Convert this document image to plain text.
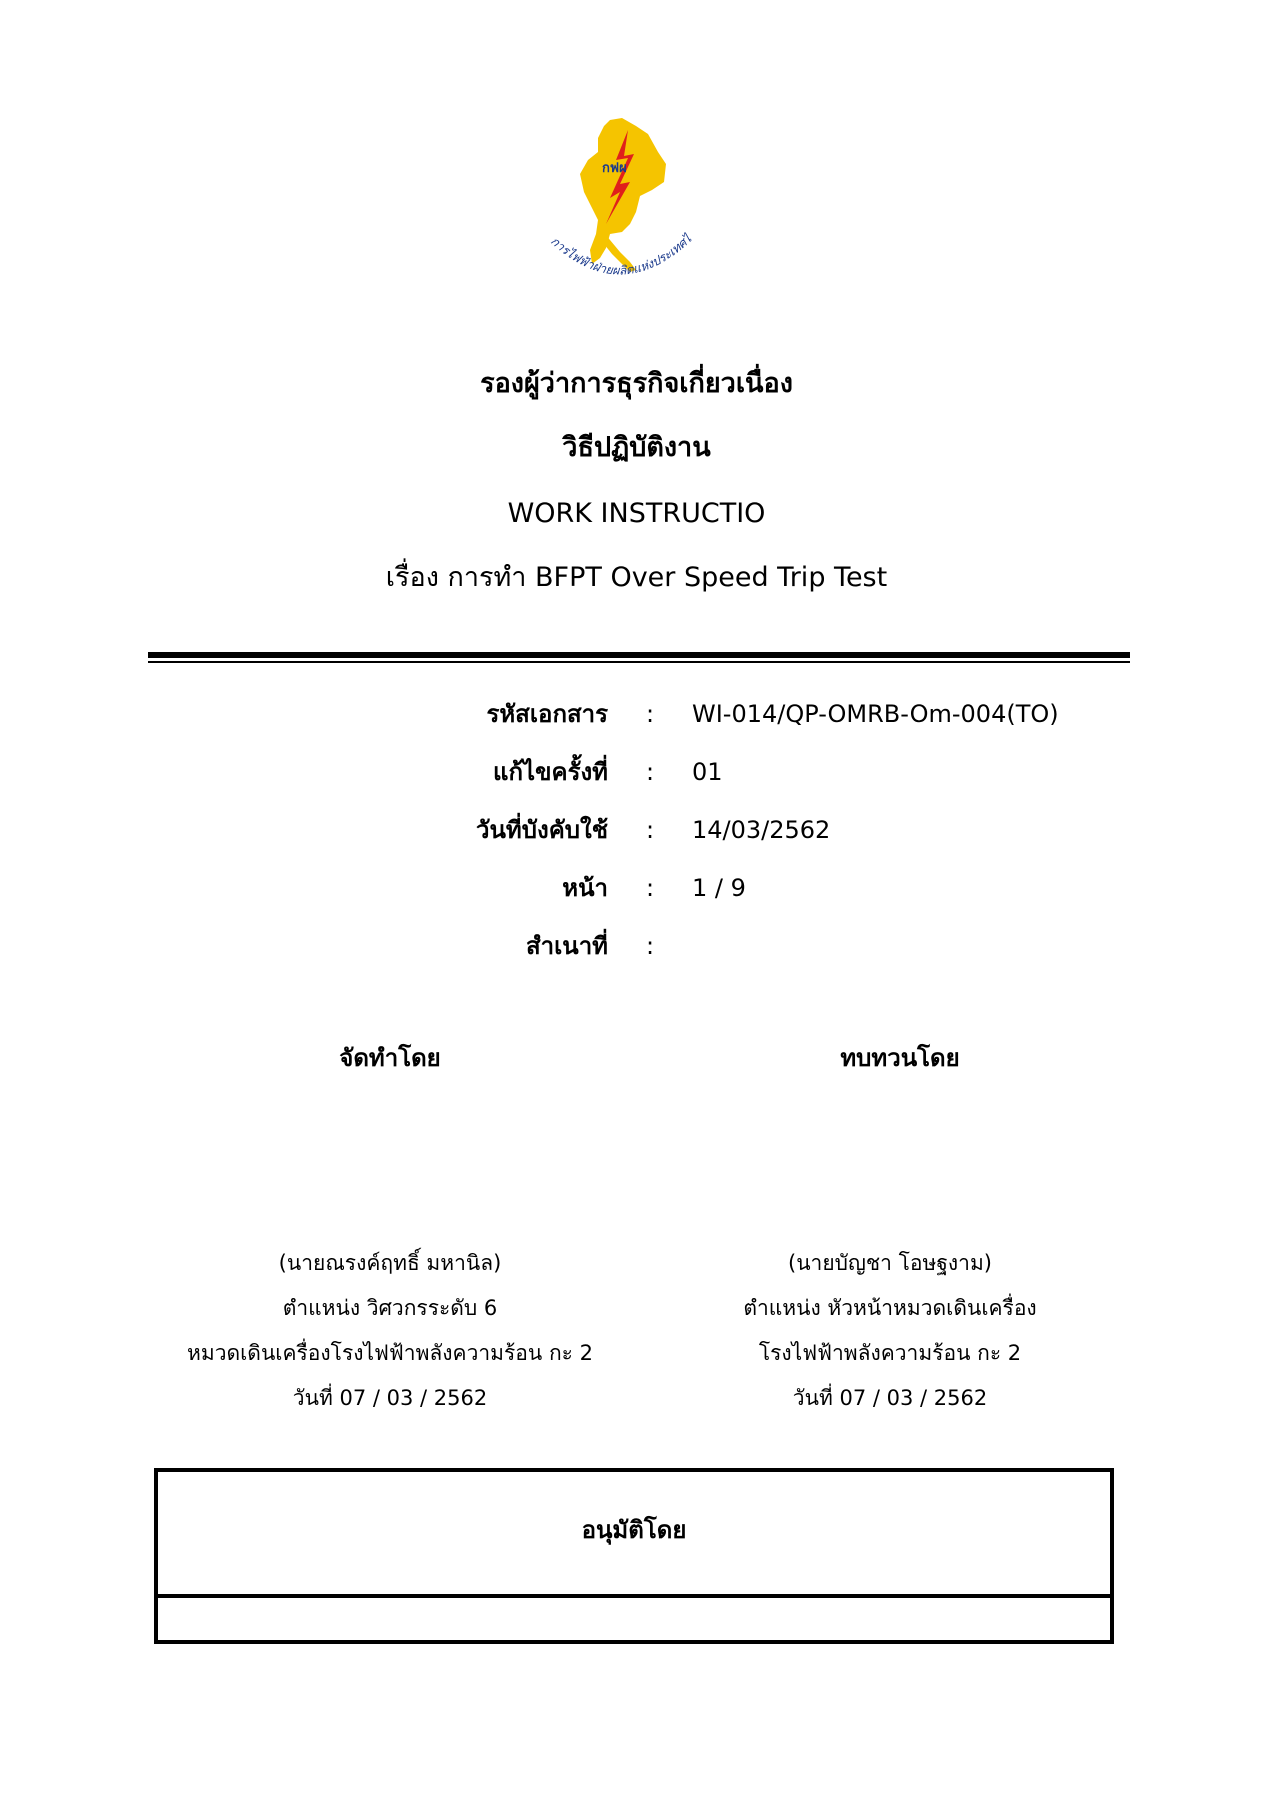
กฟผ
การไฟฟ้าฝ่ายผลิตแห่งประเทศไ
รองผู้ว่าการธุรกิจเกี่ยวเนื่อง
วิธีปฏิบัติงาน
WORK INSTRUCTIO
เรื่อง การทำ BFPT Over Speed Trip Test
รหัสเอกสาร : WI-014/QP-OMRB-Om-004(TO)
แก้ไขครั้งที่ : 01
วันที่บังคับใช้ : 14/03/2562
หน้า : 1 / 9
สำเนาที่ :
จัดทำโดย	ทบทวนโดย
(นายณรงค์ฤทธิ์ มหานิล)
ตำแหน่ง วิศวกรระดับ 6
หมวดเดินเครื่องโรงไฟฟ้าพลังความร้อน กะ 2
วันที่ 07 / 03 / 2562
(นายบัญชา โอษฐงาม)
ตำแหน่ง หัวหน้าหมวดเดินเครื่อง
โรงไฟฟ้าพลังความร้อน กะ 2
วันที่ 07 / 03 / 2562
อนุมัติโดย
